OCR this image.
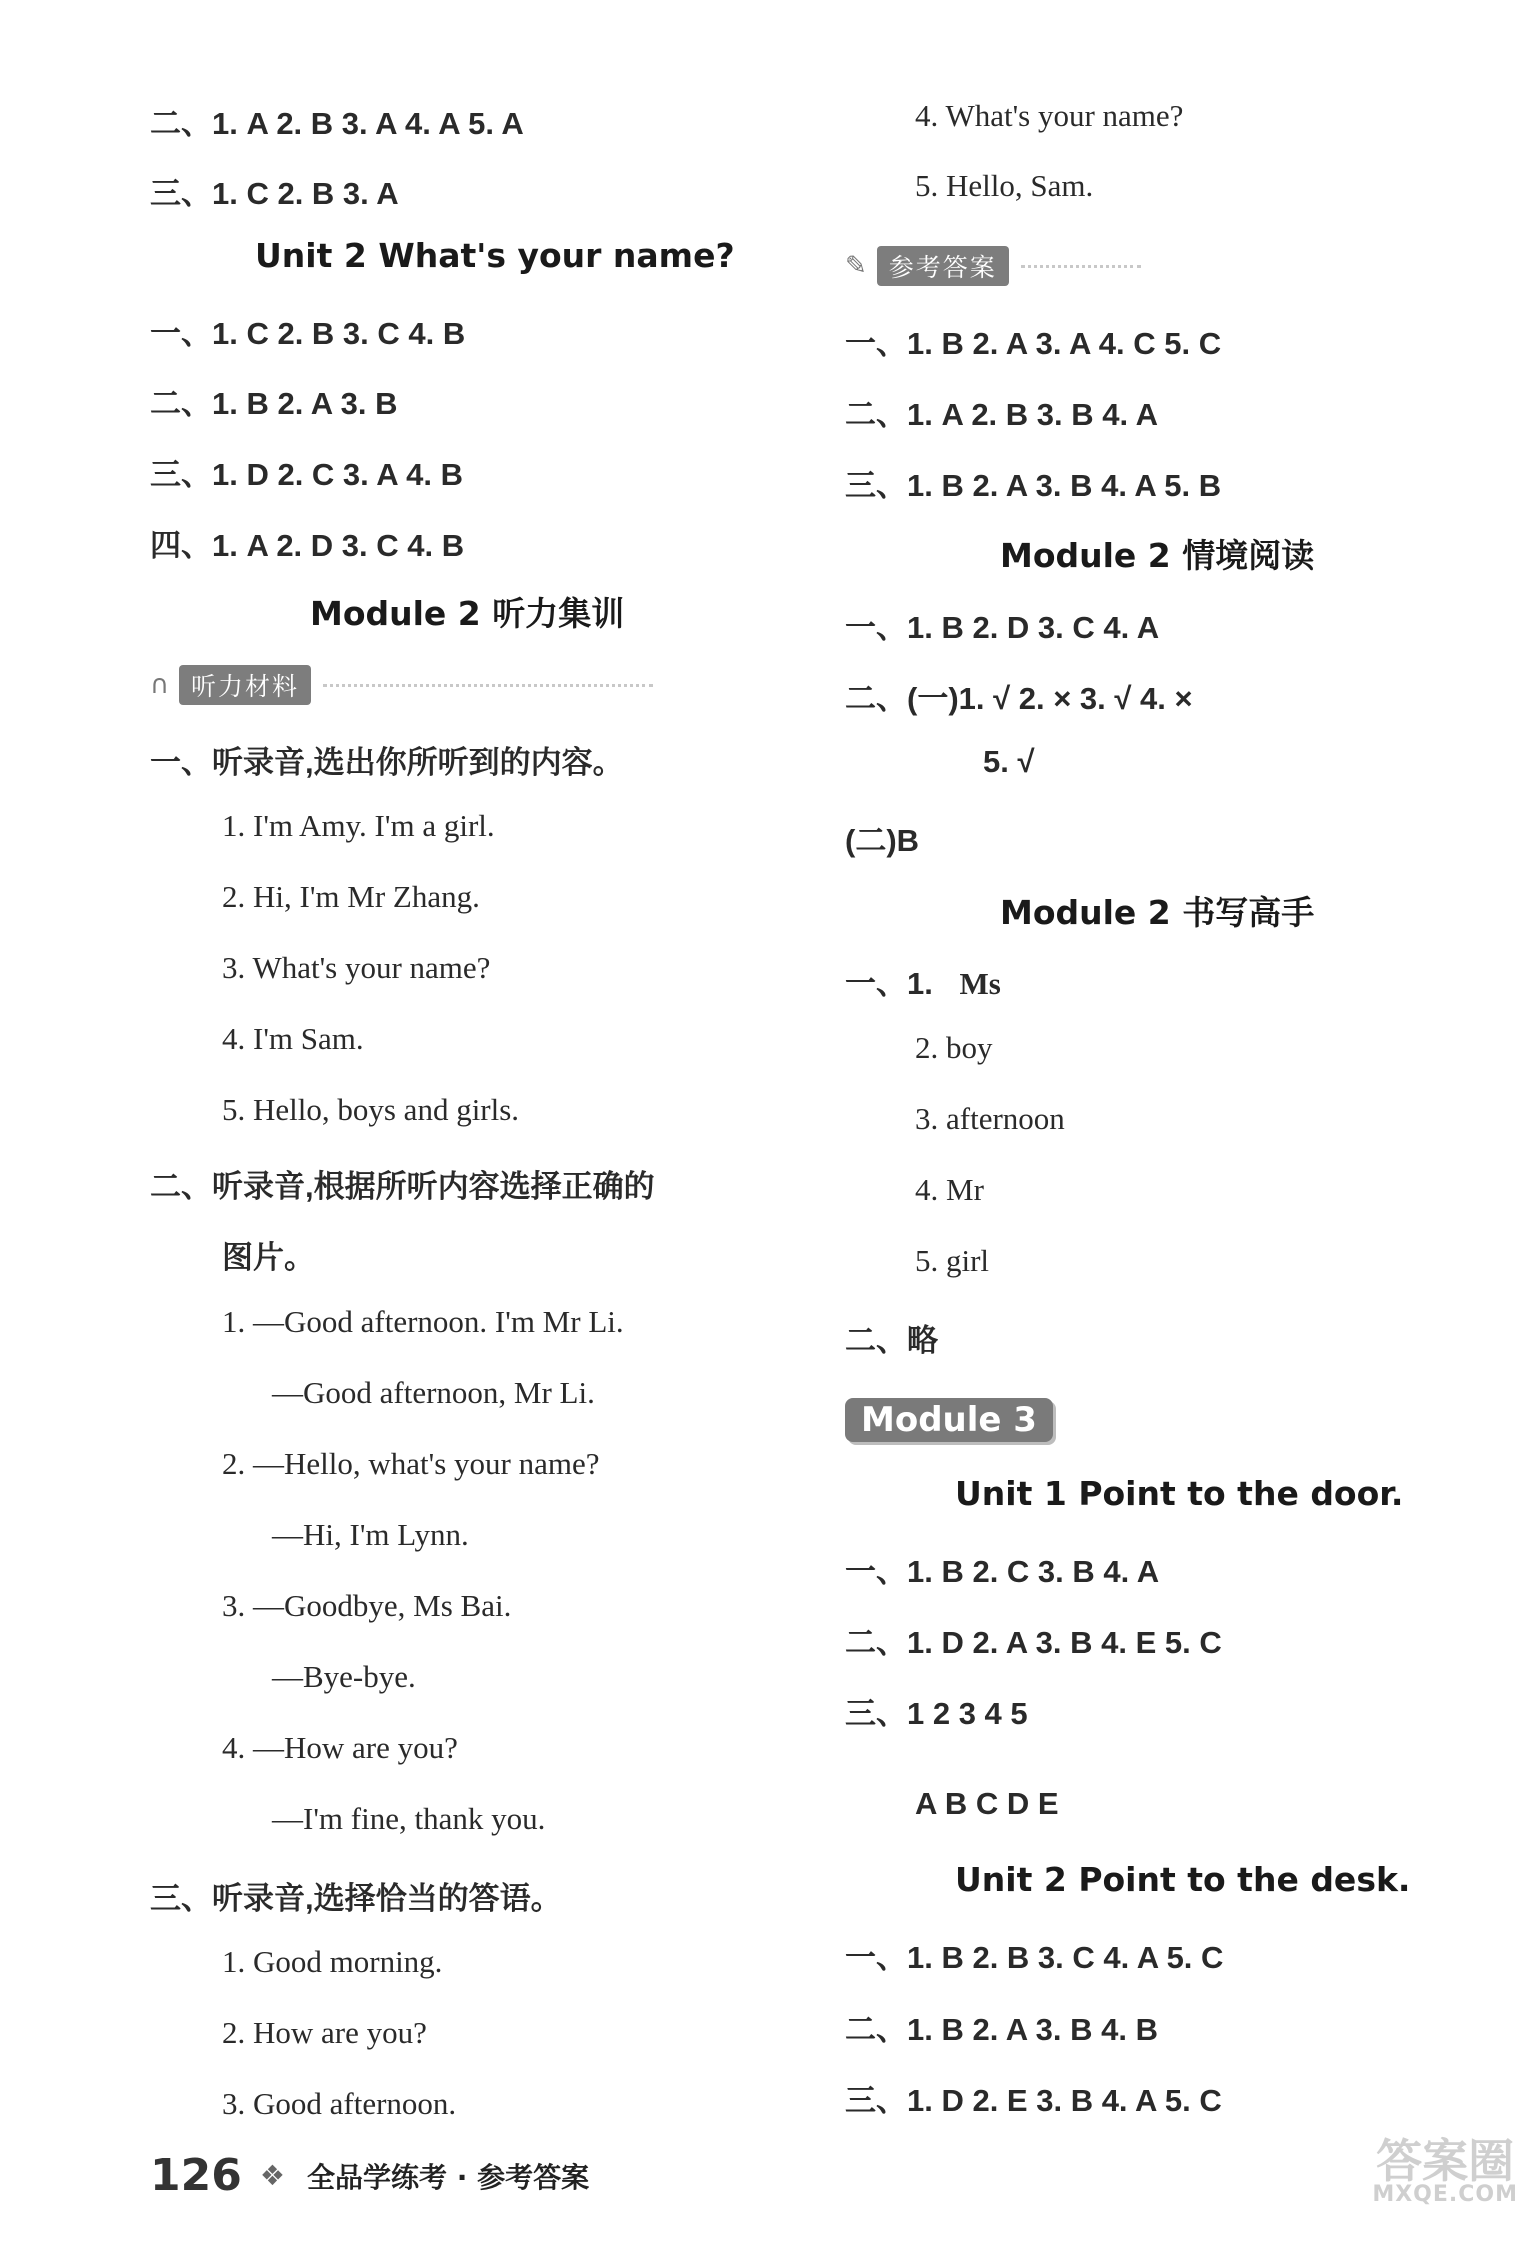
二、1. A 2. B 3. A 4. A 5. A
三、1. C 2. B 3. A
Unit 2 What's your name?
一、1. C 2. B 3. C 4. B
二、1. B 2. A 3. B
三、1. D 2. C 3. A 4. B
四、1. A 2. D 3. C 4. B
Module 2 听力集训
∩ 听力材料
一、听录音,选出你所听到的内容。
1. I'm Amy. I'm a girl.
2. Hi, I'm Mr Zhang.
3. What's your name?
4. I'm Sam.
5. Hello, boys and girls.
二、听录音,根据所听内容选择正确的
图片。
1. —Good afternoon. I'm Mr Li.
—Good afternoon, Mr Li.
2. —Hello, what's your name?
—Hi, I'm Lynn.
3. —Goodbye, Ms Bai.
—Bye-bye.
4. —How are you?
—I'm fine, thank you.
三、听录音,选择恰当的答语。
1. Good morning.
2. How are you?
3. Good afternoon.
4. What's your name?
5. Hello, Sam.
✎ 参考答案
一、1. B 2. A 3. A 4. C 5. C
二、1. A 2. B 3. B 4. A
三、1. B 2. A 3. B 4. A 5. B
Module 2 情境阅读
一、1. B 2. D 3. C 4. A
二、(一)1. √ 2. × 3. √ 4. ×
5. √
(二)B
Module 2 书写高手
一、1. Ms
2. boy
3. afternoon
4. Mr
5. girl
二、略
Module 3
Unit 1 Point to the door.
一、1. B 2. C 3. B 4. A
二、1. D 2. A 3. B 4. E 5. C
三、1 2 3 4 5
A B C D E
Unit 2 Point to the desk.
一、1. B 2. B 3. C 4. A 5. C
二、1. B 2. A 3. B 4. B
三、1. D 2. E 3. B 4. A 5. C
126 ❖ 全品学练考 · 参考答案	答案圈
MXQE.COM
